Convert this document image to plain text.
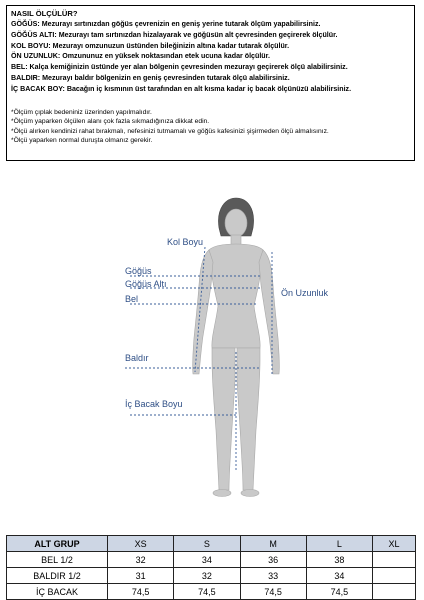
NASIL ÖLÇÜLÜR?
GÖĞÜS: Mezurayı sırtınızdan göğüs çevrenizin en geniş yerine tutarak ölçüm yapabilirsiniz.
GÖĞÜS ALTI: Mezurayı tam sırtınızdan hizalayarak ve göğüsün alt çevresinden geçirerek ölçülür.
KOL BOYU: Mezurayı omzunuzun üstünden bileğinizin altına kadar tutarak ölçülür.
ÖN UZUNLUK: Omzununuz en yüksek noktasından etek ucuna kadar ölçülür.
BEL: Kalça kemiğinizin üstünde yer alan bölgenin çevresinden mezurayı geçirerek ölçü alabilirsiniz.
BALDIR: Mezurayı baldır bölgenizin en geniş çevresinden tutarak ölçü alabilirsiniz.
İÇ BACAK BOY: Bacağın iç kısmının üst tarafından en alt kısma kadar iç bacak ölçünüzü alabilirsiniz.
*Ölçüm çıplak bedeniniz üzerinden yapılmalıdır.
*Ölçüm yaparken ölçülen alanı çok fazla sıkmadığınıza dikkat edin.
*Ölçü alırken kendinizi rahat bırakmalı, nefesinizi tutmamalı ve göğüs kafesinizi şişirmeden ölçü almalısınız.
*Ölçü yaparken normal duruşta olmanız gerekir.
Kol Boyu
Göğüs
Göğüs Altı
Bel
Ön Uzunluk
Baldır
İç Bacak Boyu
ALT GRUP	XS	S	M	L	XL
BEL 1/2	32	34	36	38	
BALDIR 1/2	31	32	33	34	
İÇ BACAK	74,5	74,5	74,5	74,5	
